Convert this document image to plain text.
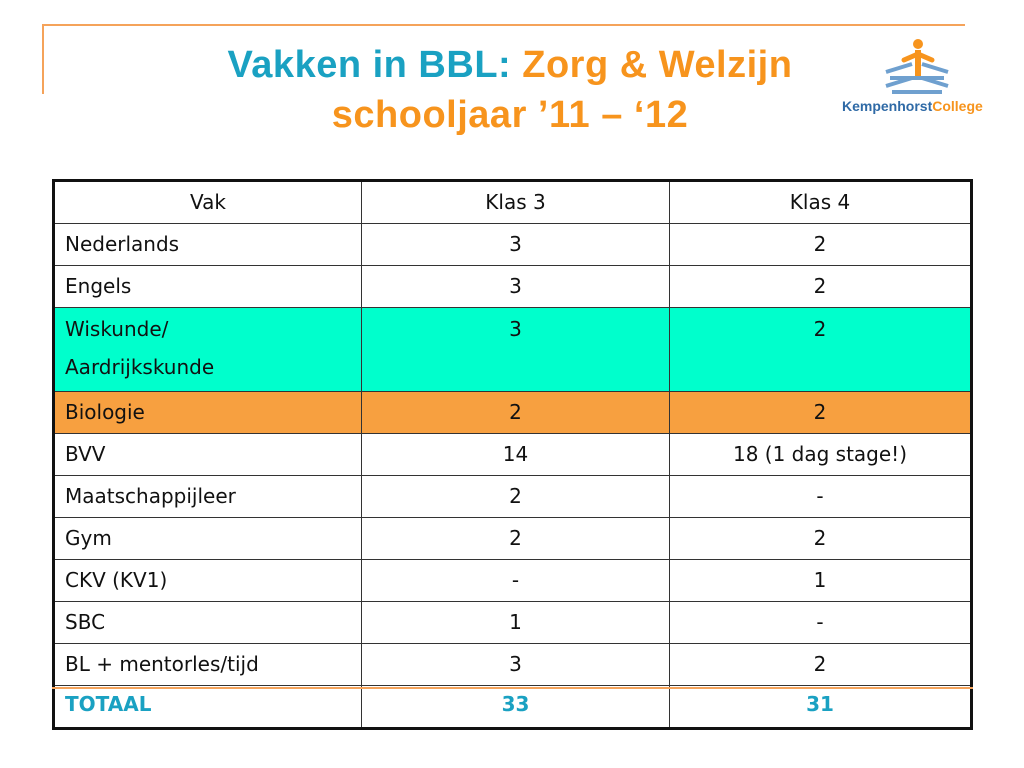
Vakken in BBL: Zorg & Welzijn
schooljaar ’11 – ‘12	KempenhorstCollege
Vak	Klas 3	Klas 4
Nederlands	3	2
Engels	3	2

Wiskunde/
Aardrijkskunde	3	2
Biologie	2	2
BVV	14	18 (1 dag stage!)
Maatschappijleer	2	-
Gym	2	2
CKV (KV1)	-	1
SBC	1	-
BL + mentorles/tijd	3	2
TOTAAL	33	31
